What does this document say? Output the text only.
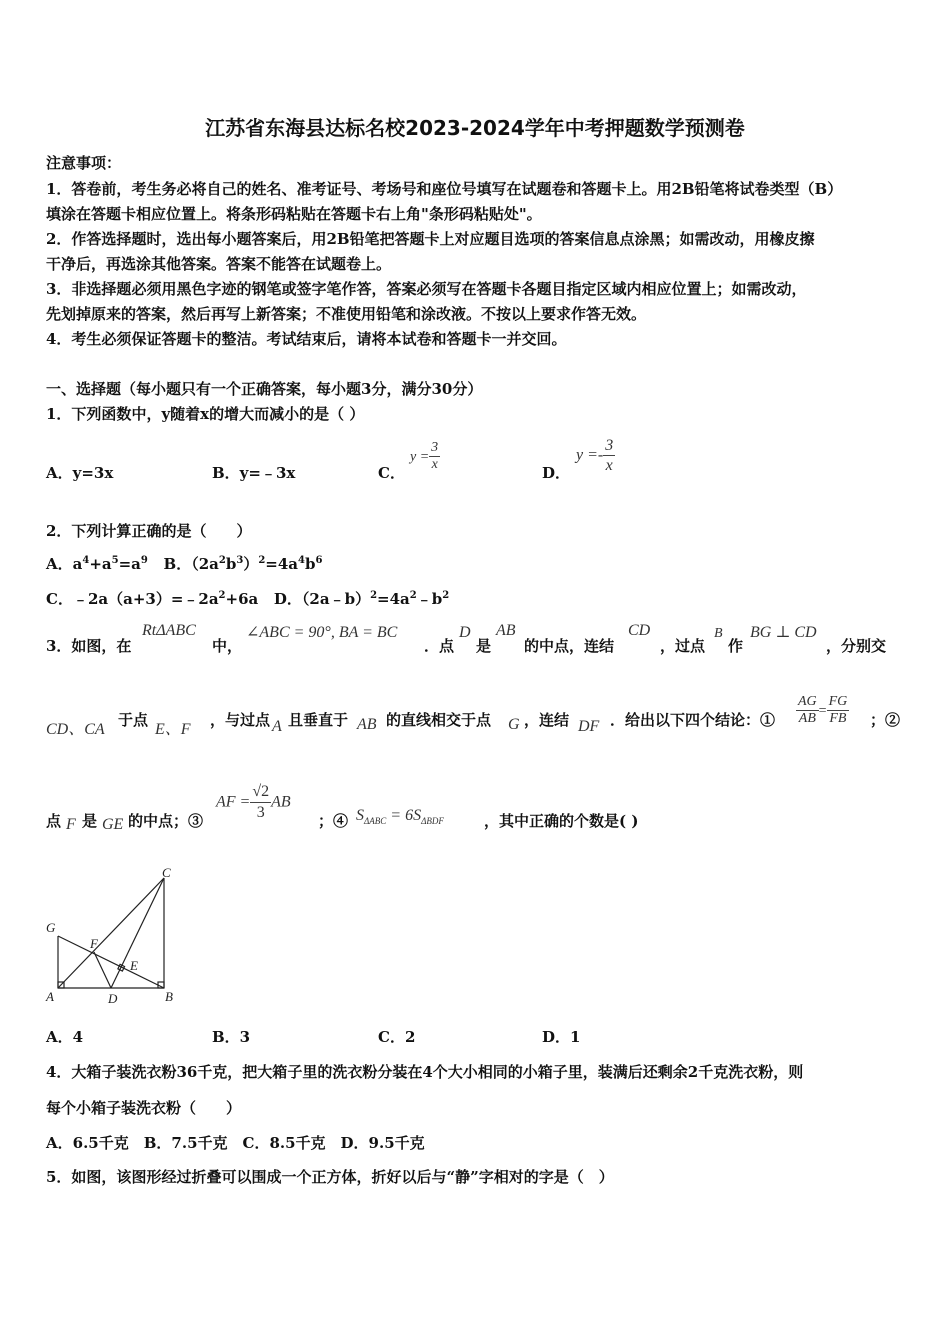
江苏省东海县达标名校2023-2024学年中考押题数学预测卷
注意事项：
1．答卷前，考生务必将自己的姓名、准考证号、考场号和座位号填写在试题卷和答题卡上。用2B铅笔将试卷类型（B）
填涂在答题卡相应位置上。将条形码粘贴在答题卡右上角"条形码粘贴处"。
2．作答选择题时，选出每小题答案后，用2B铅笔把答题卡上对应题目选项的答案信息点涂黑；如需改动，用橡皮擦
干净后，再选涂其他答案。答案不能答在试题卷上。
3．非选择题必须用黑色字迹的钢笔或签字笔作答，答案必须写在答题卡各题目指定区域内相应位置上；如需改动，
先划掉原来的答案，然后再写上新答案；不准使用铅笔和涂改液。不按以上要求作答无效。
4．考生必须保证答题卡的整洁。考试结束后，请将本试卷和答题卡一并交回。
一、选择题（每小题只有一个正确答案，每小题3分，满分30分）
1．下列函数中，y随着x的增大而减小的是（ ）
A．y=3x	B．y=﹣3x	C．
$y = \frac{3}{x}$	D．
$y =- \frac{3}{x}$
2．下列计算正确的是（　　）
A．$a^4+a^5=a^9$ B．$(2a^2b^3)^2=4a^4b^6$
C．$﹣2a(a+3)=﹣2a^2+6a$ D．$(2a﹣b)^2=4a^2﹣b^2$
3．如图，在
RtΔABC
中，
∠ABC = 90°, BA = BC
．点
D
是
AB
的中点，连结
CD
，过点
B
作
BG ⊥ CD
，分别交
CD、CA
于点
E、F
，与过点 A 且垂直于 AB 的直线相交于点 G ，连结 DF ．给出以下四个结论：① $\frac{AG}{AB} = \frac{FG}{FB}$ ；②
点 F 是 GE 的中点；③
AF = $\frac{√2}{3}$ AB
；④ $S_{\Delta ABC} = 6S_{\Delta BDF}$	，其中正确的个数是( )
C
G
F
E
A	D	B
A．4	B．3	C．2	D．1
4．大箱子装洗衣粉36千克，把大箱子里的洗衣粉分装在4个大小相同的小箱子里，装满后还剩余2千克洗衣粉，则
每个小箱子装洗衣粉（　　）
A．6.5千克　B．7.5千克　C．8.5千克　D．9.5千克
5．如图，该图形经过折叠可以围成一个正方体，折好以后与“静”字相对的字是（　）
